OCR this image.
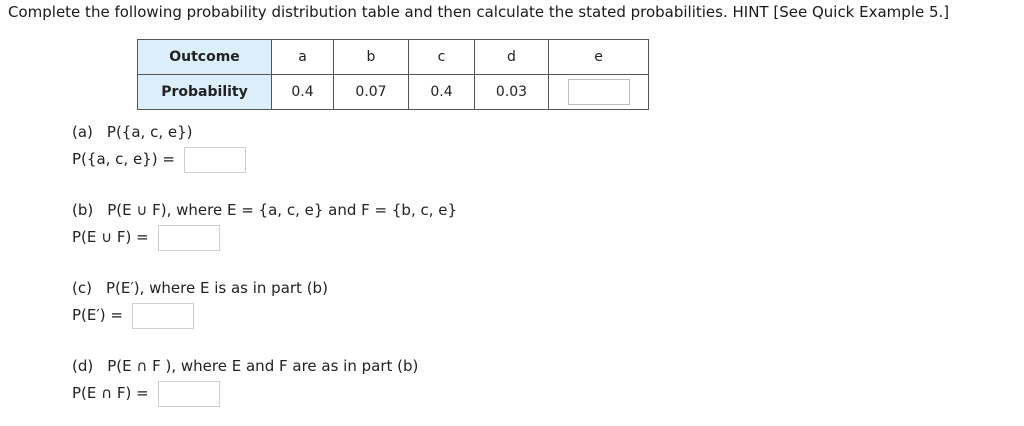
Complete the following probability distribution table and then calculate the stated probabilities. HINT [See Quick Example 5.]
Outcome	a	b	c	d	e
Probability	0.4	0.07	0.4	0.03	
(a) P({a, c, e})
P({a, c, e}) =
(b) P(E ∪ F), where E = {a, c, e} and F = {b, c, e}
P(E ∪ F) =
(c) P(E′), where E is as in part (b)
P(E′) =
(d) P(E ∩ F ), where E and F are as in part (b)
P(E ∩ F) =
